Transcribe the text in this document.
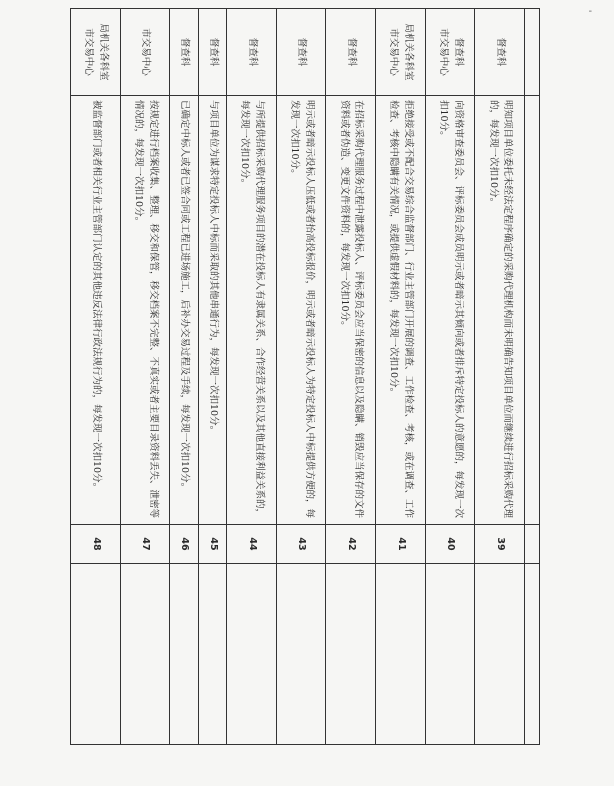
-

督查科	明知项目单位委托未经法定程序确定的采购代理机构而未明确告知项目单位而继续进行招标采购代理的，每发现一次扣10分。	39	
督查科
市交易中心	向资格审查委员会、评标委员会成员明示或者暗示其倾向或者排斥特定投标人的意愿的，每发现一次扣10分。	40	
局机关各科室
市交易中心	拒绝接受或不配合交易综合监督部门、行业主管部门开展的调查、工作检查、考核，或在调查、工作检查、考核中隐瞒有关情况，或提供虚假材料的，每发现一次扣10分。	41	
督查科	在招标采购代理服务过程中泄露投标人、评标委员会应当保密的信息以及隐瞒、销毁应当保存的文件资料或者伪造、变更文件资料的，每发现一次扣10分。	42	
督查科	明示或者暗示投标人压低或者抬高投标报价，明示或者暗示投标人为特定投标人中标提供方便的，每发现一次扣10分。	43	
督查科	与所提供招标采购代理服务项目的潜在投标人有隶属关系、合作经营关系以及其他直接利益关系的，每发现一次扣10分。	44	
督查科	与项目单位为谋求特定投标人中标而采取的其他串通行为，每发现一次扣10分。	45	
督查科	已确定中标人或者已签合同或工程已进场施工，后补办交易过程及手续，每发现一次扣10分。	46	
市交易中心	按规定进行档案收集、整理、移交和保管，移交档案不完整、不真实或者主要目录资料丢失、泄密等情况的，每发现一次扣10分。	47	
局机关各科室
市交易中心	被监督部门或者相关行业主管部门认定的其他违反法律行政法规行为的，每发现一次扣10分。	48	
